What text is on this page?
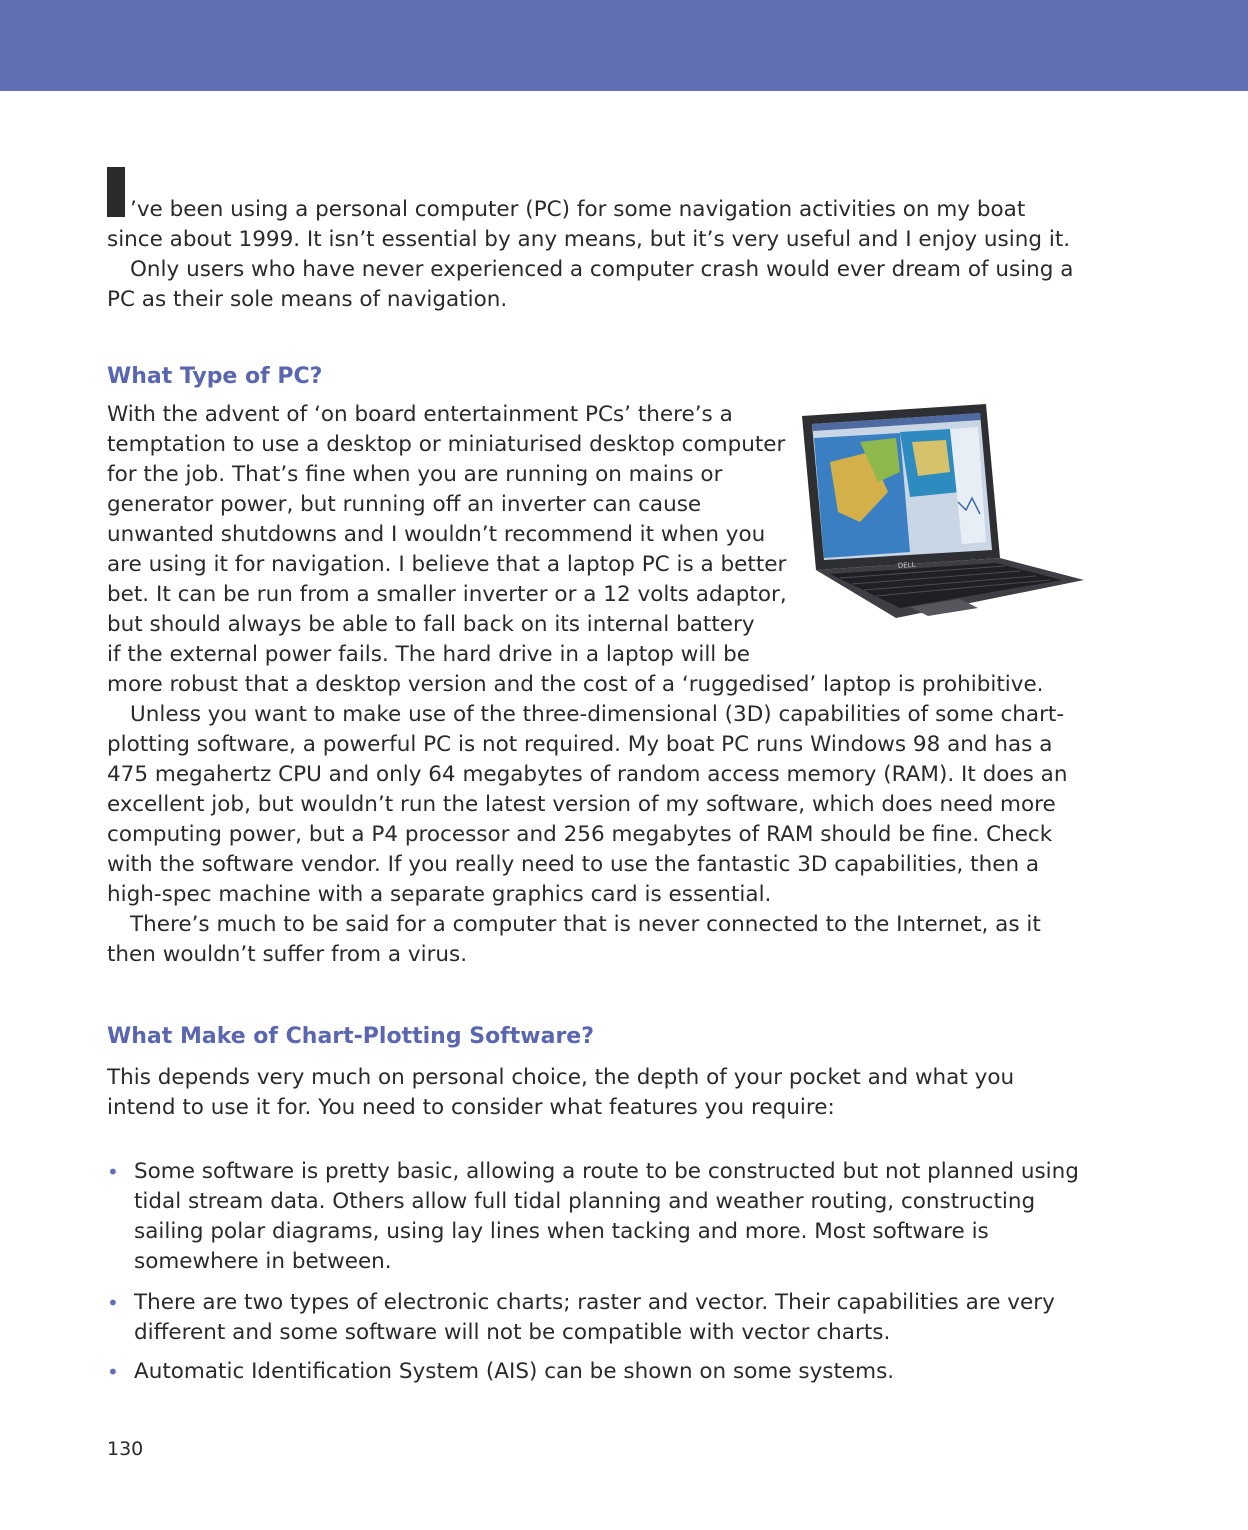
’ve been using a personal computer (PC) for some navigation activities on my boat

since about 1999. It isn’t essential by any means, but it’s very useful and I enjoy using it.

Only users who have never experienced a computer crash would ever dream of using a PC as their sole means of navigation.

What Type of PC?

With the advent of ‘on board entertainment PCs’ there’s a

temptation to use a desktop or miniaturised desktop computer

for the job. That’s fine when you are running on mains or

generator power, but running off an inverter can cause

unwanted shutdowns and I wouldn’t recommend it when you

are using it for navigation. I believe that a laptop PC is a better

bet. It can be run from a smaller inverter or a 12 volts adaptor,

but should always be able to fall back on its internal battery

if the external power fails. The hard drive in a laptop will be

more robust that a desktop version and the cost of a ‘ruggedised’ laptop is prohibitive.

Unless you want to make use of the three-dimensional (3D) capabilities of some chart-plotting software, a powerful PC is not required. My boat PC runs Windows 98 and has a 475 megahertz CPU and only 64 megabytes of random access memory (RAM). It does an excellent job, but wouldn’t run the latest version of my software, which does need more computing power, but a P4 processor and 256 megabytes of RAM should be fine. Check with the software vendor. If you really need to use the fantastic 3D capabilities, then a high-spec machine with a separate graphics card is essential.

There’s much to be said for a computer that is never connected to the Internet, as it then wouldn’t suffer from a virus.

DELL
What Make of Chart-Plotting Software?

This depends very much on personal choice, the depth of your pocket and what you intend to use it for. You need to consider what features you require:

• Some software is pretty basic, allowing a route to be constructed but not planned using tidal stream data. Others allow full tidal planning and weather routing, constructing sailing polar diagrams, using lay lines when tacking and more. Most software is somewhere in between.

• There are two types of electronic charts; raster and vector. Their capabilities are very different and some software will not be compatible with vector charts.

• Automatic Identification System (AIS) can be shown on some systems.

130
